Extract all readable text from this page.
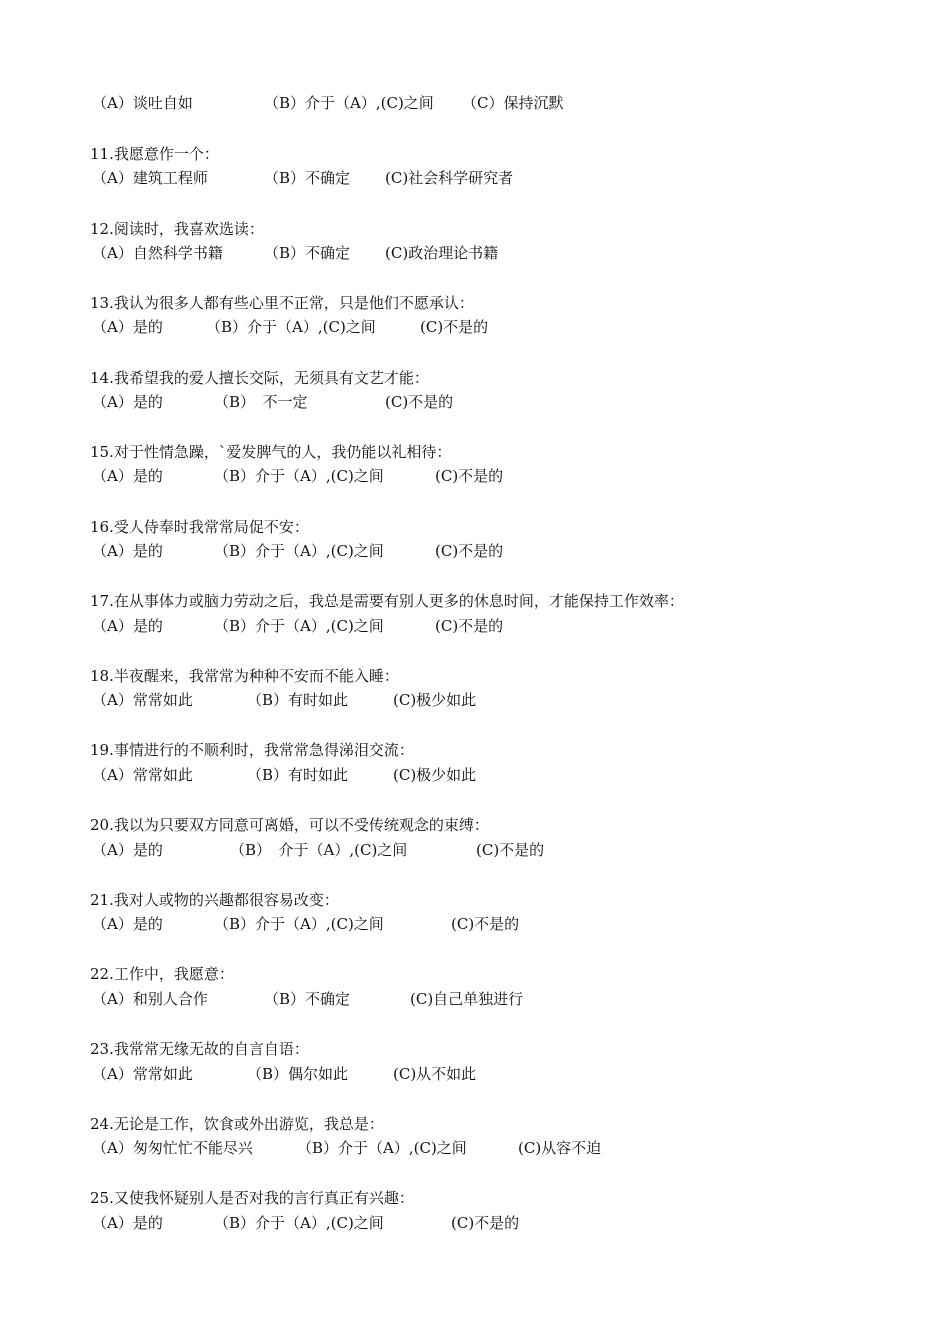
（A）谈吐自如	（B）介于（A）,(C)之间 （C）保持沉默
11.我愿意作一个：
（A）建筑工程师	（B）不确定 (C)社会科学研究者
12.阅读时，我喜欢选读：
（A）自然科学书籍	（B）不确定 (C)政治理论书籍
13.我认为很多人都有些心里不正常，只是他们不愿承认：
（A）是的	（B）介于（A）,(C)之间	(C)不是的
14.我希望我的爱人擅长交际，无须具有文艺才能：
（A）是的	（B）　不一定	(C)不是的
15.对于性情急躁，`爱发脾气的人，我仍能以礼相待：
（A）是的	（B）介于（A）,(C)之间	(C)不是的
16.受人侍奉时我常常局促不安：
（A）是的	（B）介于（A）,(C)之间	(C)不是的
17.在从事体力或脑力劳动之后，我总是需要有别人更多的休息时间，才能保持工作效率：
（A）是的	（B）介于（A）,(C)之间	(C)不是的
18.半夜醒来，我常常为种种不安而不能入睡：
（A）常常如此	（B）有时如此	(C)极少如此
19.事情进行的不顺利时，我常常急得涕泪交流：
（A）常常如此	（B）有时如此	(C)极少如此
20.我以为只要双方同意可离婚，可以不受传统观念的束缚：
（A）是的	（B）　介于（A）,(C)之间	(C)不是的
21.我对人或物的兴趣都很容易改变：
（A）是的	（B）介于（A）,(C)之间	(C)不是的
22.工作中，我愿意：
（A）和别人合作	（B）不确定	(C)自己单独进行
23.我常常无缘无故的自言自语：
（A）常常如此	（B）偶尔如此	(C)从不如此
24.无论是工作，饮食或外出游览，我总是：
（A）匆匆忙忙不能尽兴	（B）介于（A）,(C)之间	(C)从容不迫
25.又使我怀疑别人是否对我的言行真正有兴趣：
（A）是的	（B）介于（A）,(C)之间	(C)不是的
